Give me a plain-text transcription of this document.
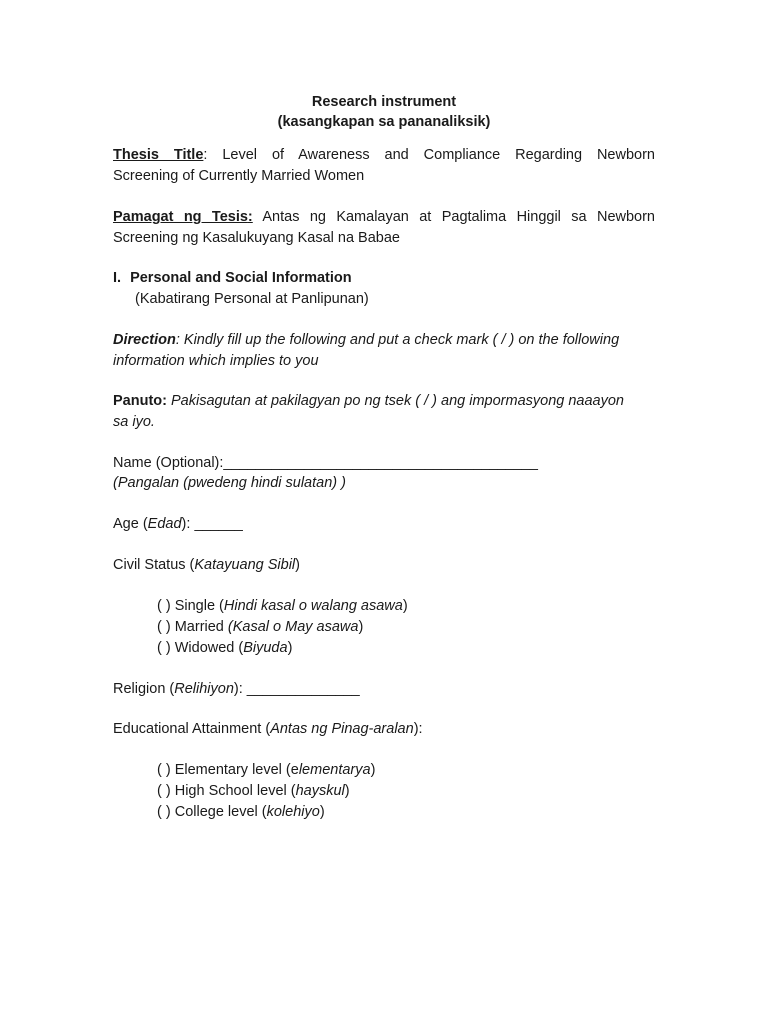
Research instrument
(kasangkapan sa pananaliksik)
Thesis Title: Level of Awareness and Compliance Regarding Newborn
Screening of Currently Married Women
Pamagat ng Tesis: Antas ng Kamalayan at Pagtalima Hinggil sa Newborn
Screening ng Kasalukuyang Kasal na Babae
I. Personal and Social Information
(Kabatirang Personal at Panlipunan)
Direction: Kindly fill up the following and put a check mark ( / ) on the following
information which implies to you
Panuto: Pakisagutan at pakilagyan po ng tsek ( / ) ang impormasyong naaayon
sa iyo.
Name (Optional):_______________________________________
(Pangalan (pwedeng hindi sulatan) )
Age (Edad): ______
Civil Status (Katayuang Sibil)
( ) Single (Hindi kasal o walang asawa)
( ) Married (Kasal o May asawa)
( ) Widowed (Biyuda)
Religion (Relihiyon): ______________
Educational Attainment (Antas ng Pinag-aralan):
( ) Elementary level (elementarya)
( ) High School level (hayskul)
( ) College level (kolehiyo)
